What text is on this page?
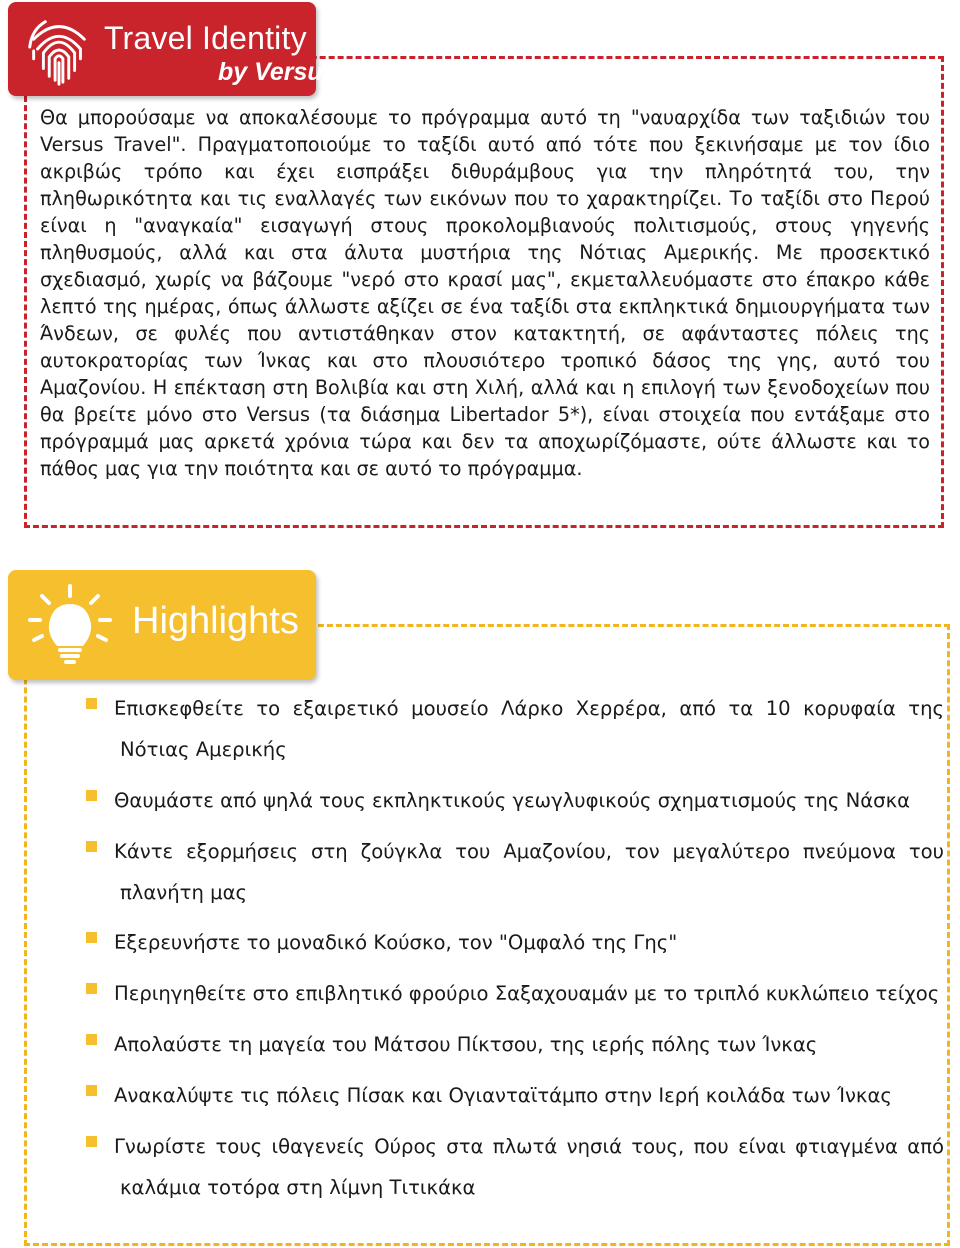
Travel Identity
by Versus

Θα μπορούσαμε να αποκαλέσουμε το πρόγραμμα αυτό τη "ναυαρχίδα των ταξιδιών του Versus Travel". Πραγματοποιούμε το ταξίδι αυτό από τότε που ξεκινήσαμε με τον ίδιο ακριβώς τρόπο και έχει εισπράξει διθυράμβους για την πληρότητά του, την πληθωρικότητα και τις εναλλαγές των εικόνων που το χαρακτηρίζει. Το ταξίδι στο Περού είναι η "αναγκαία" εισαγωγή στους προκολομβιανούς πολιτισμούς, στους γηγενής πληθυσμούς, αλλά και στα άλυτα μυστήρια της Νότιας Αμερικής. Με προσεκτικό σχεδιασμό, χωρίς να βάζουμε "νερό στο κρασί μας", εκμεταλλευόμαστε στο έπακρο κάθε λεπτό της ημέρας, όπως άλλωστε αξίζει σε ένα ταξίδι στα εκπληκτικά δημιουργήματα των Άνδεων, σε φυλές που αντιστάθηκαν στον κατακτητή, σε αφάνταστες πόλεις της αυτοκρατορίας των Ίνκας και στο πλουσιότερο τροπικό δάσος της γης, αυτό του Αμαζονίου. Η επέκταση στη Βολιβία και στη Χιλή, αλλά και η επιλογή των ξενοδοχείων που θα βρείτε μόνο στο Versus (τα διάσημα Libertador 5*), είναι στοιχεία που εντάξαμε στο πρόγραμμά μας αρκετά χρόνια τώρα και δεν τα αποχωρίζόμαστε, ούτε άλλωστε και το πάθος μας για την ποιότητα και σε αυτό το πρόγραμμα.

Highlights
Επισκεφθείτε το εξαιρετικό μουσείο Λάρκο Χερρέρα, από τα 10 κορυφαία της
Νότιας Αμερικής
Θαυμάστε από ψηλά τους εκπληκτικούς γεωγλυφικούς σχηματισμούς της Νάσκα
Κάντε εξορμήσεις στη ζούγκλα του Αμαζονίου, τον μεγαλύτερο πνεύμονα του
πλανήτη μας
Εξερευνήστε το μοναδικό Κούσκο, τον "Ομφαλό της Γης"
Περιηγηθείτε στο επιβλητικό φρούριο Σαξαχουαμάν με το τριπλό κυκλώπειο τείχος
Απολαύστε τη μαγεία του Μάτσου Πίκτσου, της ιερής πόλης των Ίνκας
Ανακαλύψτε τις πόλεις Πίσακ και Ογιανταϊτάμπο στην Ιερή κοιλάδα των Ίνκας
Γνωρίστε τους ιθαγενείς Ούρος στα πλωτά νησιά τους, που είναι φτιαγμένα από
καλάμια τοτόρα στη λίμνη Τιτικάκα
